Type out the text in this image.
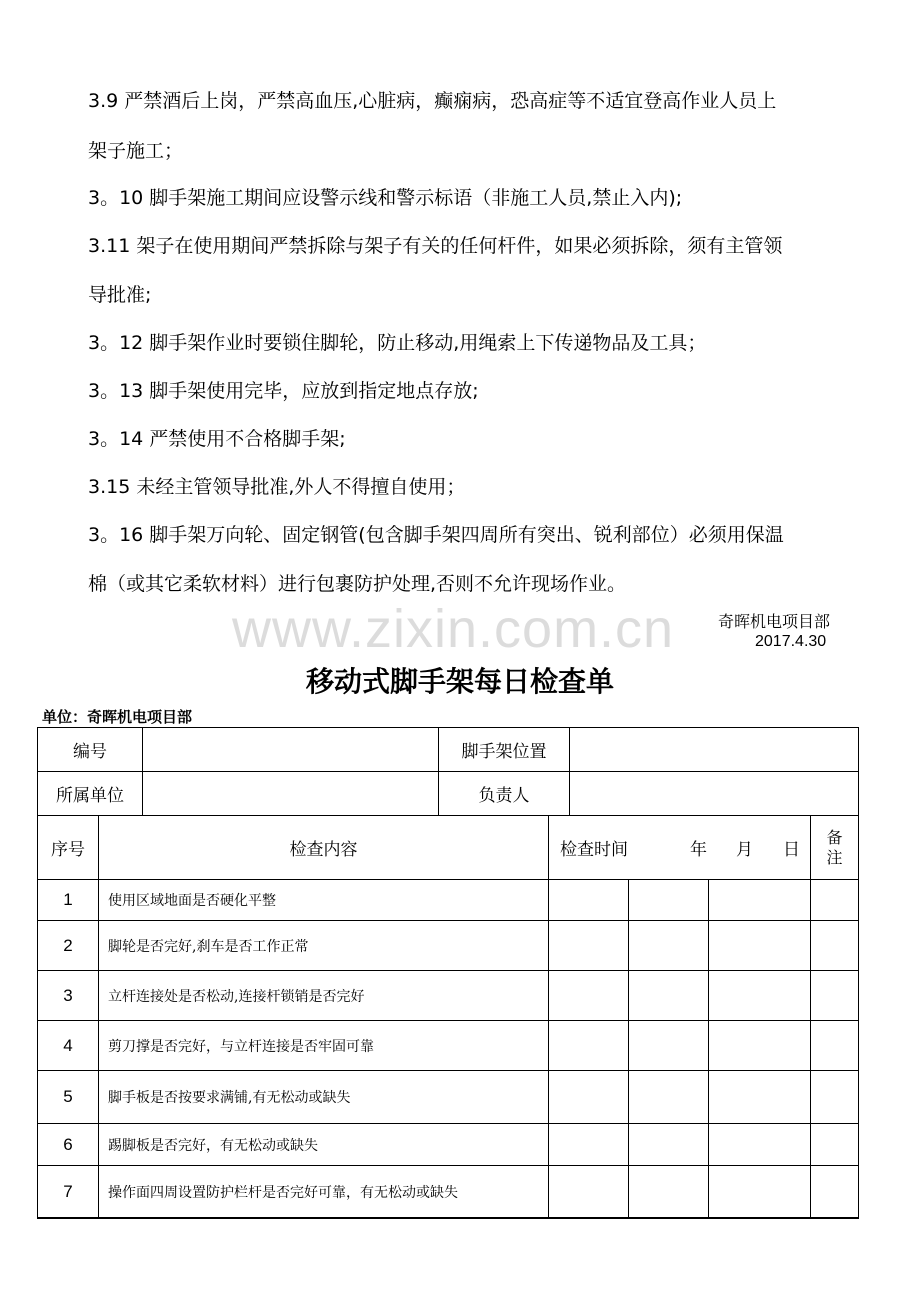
3.9 严禁酒后上岗，严禁高血压,心脏病，癫痫病，恐高症等不适宜登高作业人员上
架子施工；
3。10 脚手架施工期间应设警示线和警示标语（非施工人员,禁止入内);
3.11 架子在使用期间严禁拆除与架子有关的任何杆件，如果必须拆除，须有主管领
导批准;
3。12 脚手架作业时要锁住脚轮，防止移动,用绳索上下传递物品及工具；
3。13 脚手架使用完毕，应放到指定地点存放;
3。14 严禁使用不合格脚手架;
3.15 未经主管领导批准,外人不得擅自使用；
3。16 脚手架万向轮、固定钢管(包含脚手架四周所有突出、锐利部位）必须用保温
棉（或其它柔软材料）进行包裹防护处理,否则不允许现场作业。
奇晖机电项目部
2017.4.30
www.zixin.com.cn
移动式脚手架每日检查单
单位：奇晖机电项目部
编号	脚手架位置
所属单位	负责人
序号	检查内容	检查时间	年 月 日
备
注
1	使用区域地面是否硬化平整
2	脚轮是否完好,刹车是否工作正常
3	立杆连接处是否松动,连接杆锁销是否完好
4	剪刀撑是否完好，与立杆连接是否牢固可靠
5	脚手板是否按要求满铺,有无松动或缺失
6	踢脚板是否完好，有无松动或缺失
7	操作面四周设置防护栏杆是否完好可靠，有无松动或缺失
